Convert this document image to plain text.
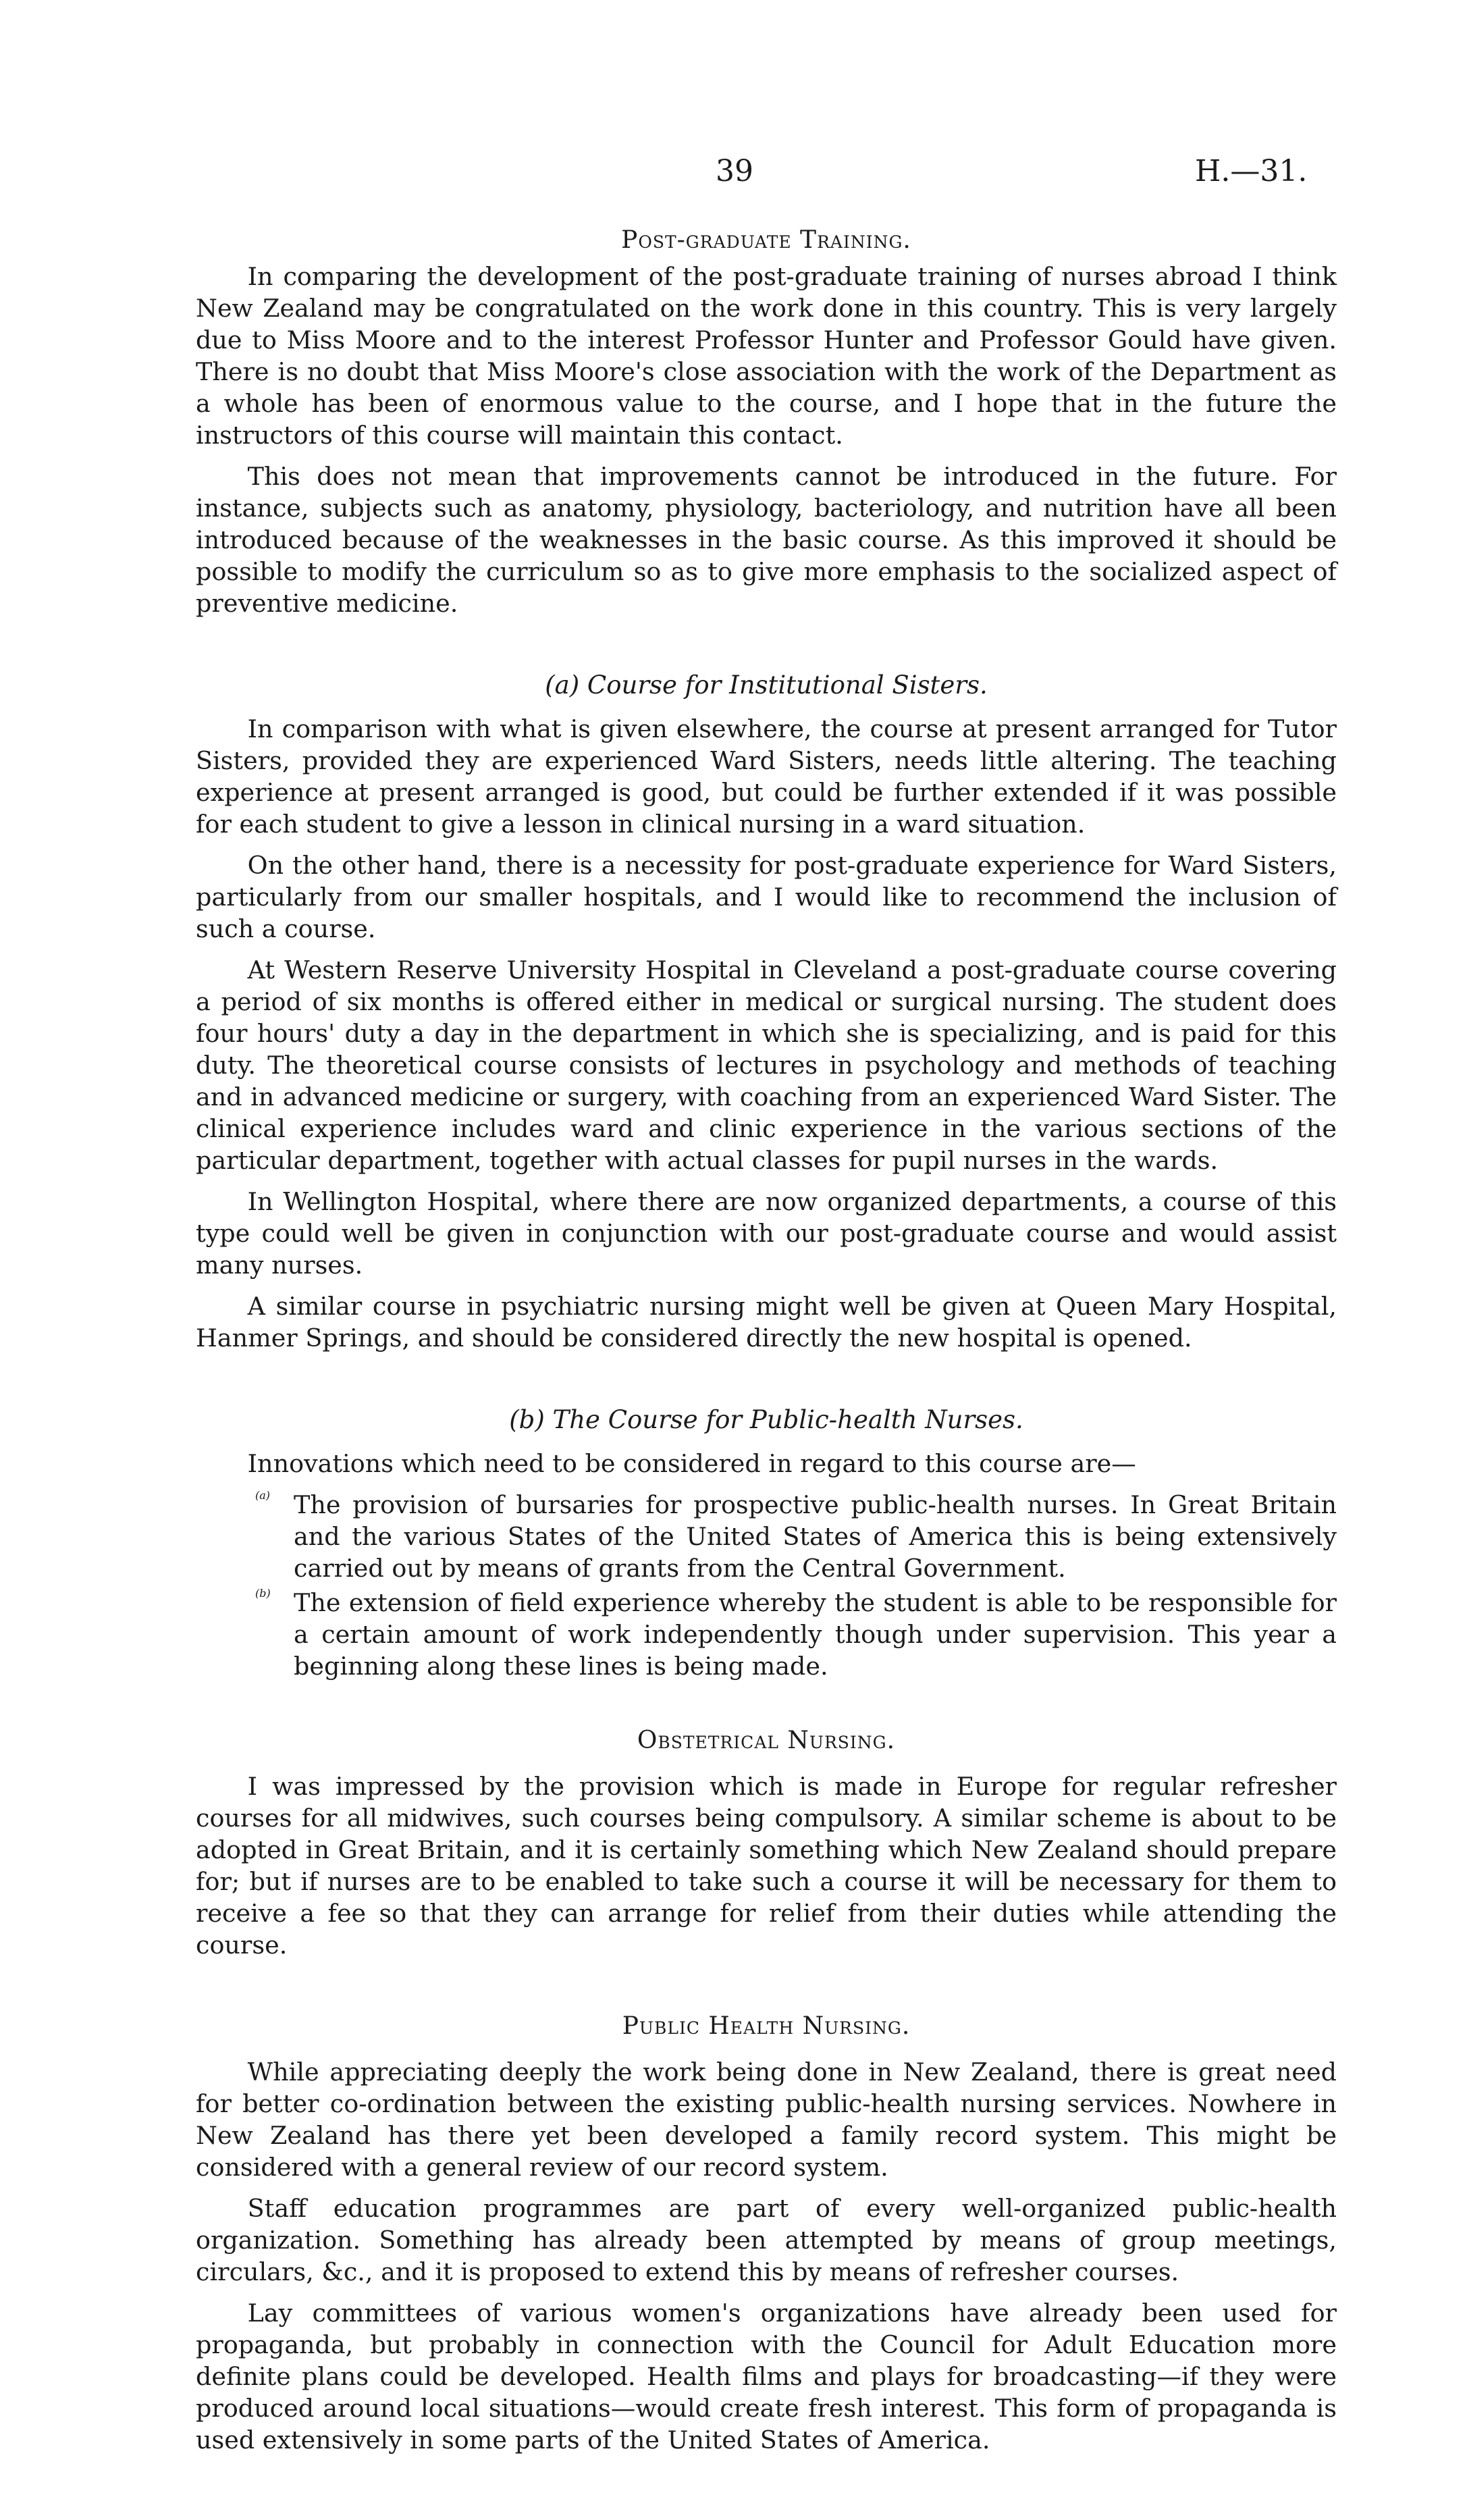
39	H.—31.
Post-graduate Training.

In comparing the development of the post-graduate training of nurses abroad I think New Zealand may be congratulated on the work done in this country. This is very largely due to Miss Moore and to the interest Professor Hunter and Professor Gould have given. There is no doubt that Miss Moore's close association with the work of the Department as a whole has been of enormous value to the course, and I hope that in the future the instructors of this course will maintain this contact.

This does not mean that improvements cannot be introduced in the future. For instance, subjects such as anatomy, physiology, bacteriology, and nutrition have all been introduced because of the weaknesses in the basic course. As this improved it should be possible to modify the curriculum so as to give more emphasis to the socialized aspect of preventive medicine.

(a) Course for Institutional Sisters.

In comparison with what is given elsewhere, the course at present arranged for Tutor Sisters, provided they are experienced Ward Sisters, needs little altering. The teaching experience at present arranged is good, but could be further extended if it was possible for each student to give a lesson in clinical nursing in a ward situation.

On the other hand, there is a necessity for post-graduate experience for Ward Sisters, particularly from our smaller hospitals, and I would like to recommend the inclusion of such a course.

At Western Reserve University Hospital in Cleveland a post-graduate course covering a period of six months is offered either in medical or surgical nursing. The student does four hours' duty a day in the department in which she is specializing, and is paid for this duty. The theoretical course consists of lectures in psychology and methods of teaching and in advanced medicine or surgery, with coaching from an experienced Ward Sister. The clinical experience includes ward and clinic experience in the various sections of the particular department, together with actual classes for pupil nurses in the wards.

In Wellington Hospital, where there are now organized departments, a course of this type could well be given in conjunction with our post-graduate course and would assist many nurses.

A similar course in psychiatric nursing might well be given at Queen Mary Hospital, Hanmer Springs, and should be considered directly the new hospital is opened.

(b) The Course for Public-health Nurses.

Innovations which need to be considered in regard to this course are—

(a) The provision of bursaries for prospective public-health nurses. In Great Britain and the various States of the United States of America this is being extensively carried out by means of grants from the Central Government.

(b) The extension of field experience whereby the student is able to be responsible for a certain amount of work independently though under supervision. This year a beginning along these lines is being made.

Obstetrical Nursing.

I was impressed by the provision which is made in Europe for regular refresher courses for all midwives, such courses being compulsory. A similar scheme is about to be adopted in Great Britain, and it is certainly something which New Zealand should prepare for; but if nurses are to be enabled to take such a course it will be necessary for them to receive a fee so that they can arrange for relief from their duties while attending the course.

Public Health Nursing.

While appreciating deeply the work being done in New Zealand, there is great need for better co-ordination between the existing public-health nursing services. Nowhere in New Zealand has there yet been developed a family record system. This might be considered with a general review of our record system.

Staff education programmes are part of every well-organized public-health organization. Something has already been attempted by means of group meetings, circulars, &c., and it is proposed to extend this by means of refresher courses.

Lay committees of various women's organizations have already been used for propaganda, but probably in connection with the Council for Adult Education more definite plans could be developed. Health films and plays for broadcasting—if they were produced around local situations—would create fresh interest. This form of propaganda is used extensively in some parts of the United States of America.
